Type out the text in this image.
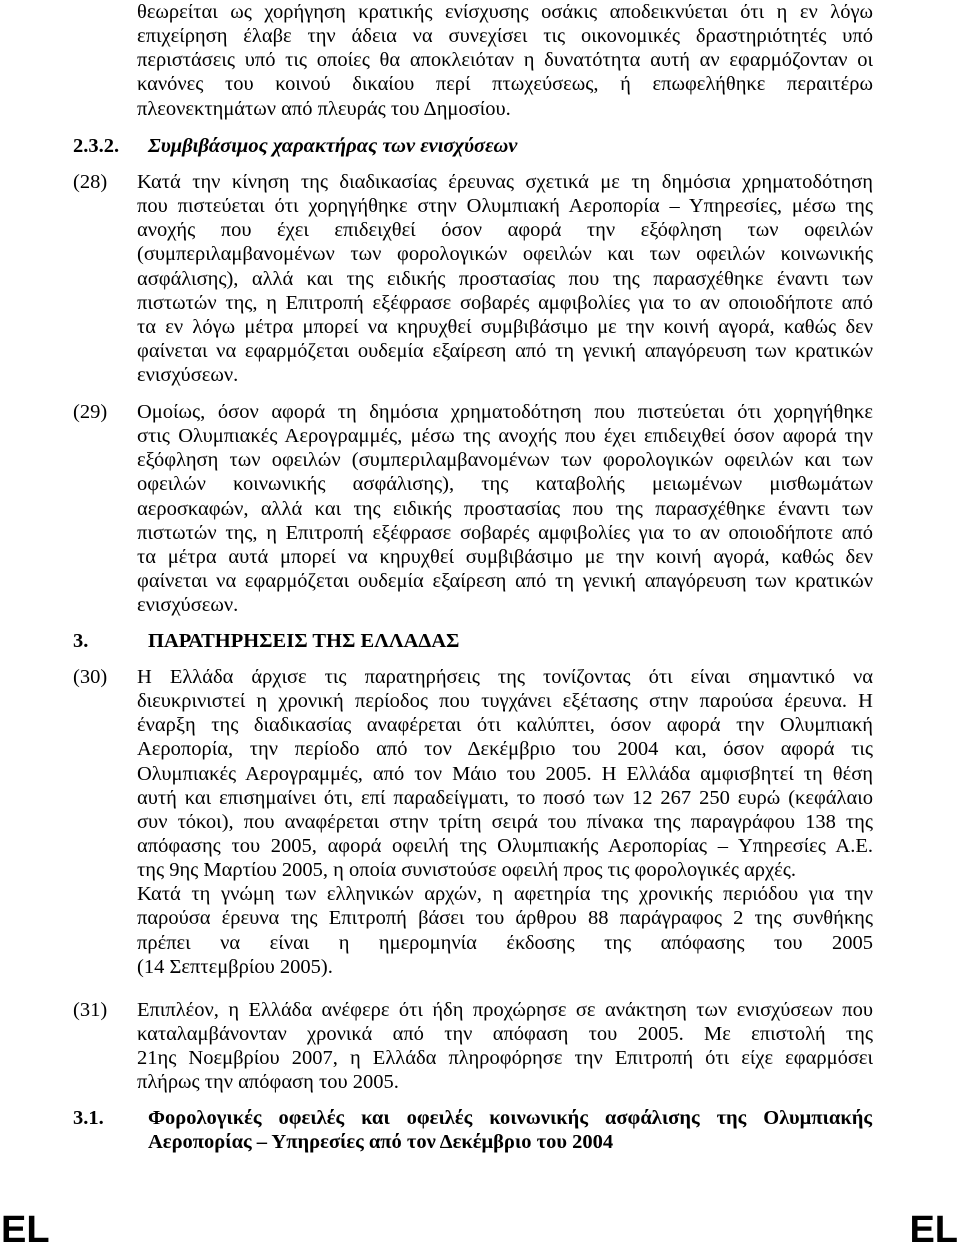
θεωρείται ως χορήγηση κρατικής ενίσχυσης οσάκις αποδεικνύεται ότι η εν λόγω
επιχείρηση έλαβε την άδεια να συνεχίσει τις οικονομικές δραστηριότητές υπό
περιστάσεις υπό τις οποίες θα αποκλειόταν η δυνατότητα αυτή αν εφαρμόζονταν οι
κανόνες του κοινού δικαίου περί πτωχεύσεως, ή επωφελήθηκε περαιτέρω
πλεονεκτημάτων από πλευράς του Δημοσίου.
2.3.2. Συμβιβάσιμος χαρακτήρας των ενισχύσεων
(28) Κατά την κίνηση της διαδικασίας έρευνας σχετικά με τη δημόσια χρηματοδότηση
που πιστεύεται ότι χορηγήθηκε στην Ολυμπιακή Αεροπορία – Υπηρεσίες, μέσω της
ανοχής που έχει επιδειχθεί όσον αφορά την εξόφληση των οφειλών
(συμπεριλαμβανομένων των φορολογικών οφειλών και των οφειλών κοινωνικής
ασφάλισης), αλλά και της ειδικής προστασίας που της παρασχέθηκε έναντι των
πιστωτών της, η Επιτροπή εξέφρασε σοβαρές αμφιβολίες για το αν οποιοδήποτε από
τα εν λόγω μέτρα μπορεί να κηρυχθεί συμβιβάσιμο με την κοινή αγορά, καθώς δεν
φαίνεται να εφαρμόζεται ουδεμία εξαίρεση από τη γενική απαγόρευση των κρατικών
ενισχύσεων.
(29) Ομοίως, όσον αφορά τη δημόσια χρηματοδότηση που πιστεύεται ότι χορηγήθηκε
στις Ολυμπιακές Αερογραμμές, μέσω της ανοχής που έχει επιδειχθεί όσον αφορά την
εξόφληση των οφειλών (συμπεριλαμβανομένων των φορολογικών οφειλών και των
οφειλών κοινωνικής ασφάλισης), της καταβολής μειωμένων μισθωμάτων
αεροσκαφών, αλλά και της ειδικής προστασίας που της παρασχέθηκε έναντι των
πιστωτών της, η Επιτροπή εξέφρασε σοβαρές αμφιβολίες για το αν οποιοδήποτε από
τα μέτρα αυτά μπορεί να κηρυχθεί συμβιβάσιμο με την κοινή αγορά, καθώς δεν
φαίνεται να εφαρμόζεται ουδεμία εξαίρεση από τη γενική απαγόρευση των κρατικών
ενισχύσεων.
3.	ΠΑΡΑΤΗΡΗΣΕΙΣ ΤΗΣ ΕΛΛΑΔΑΣ
(30) Η Ελλάδα άρχισε τις παρατηρήσεις της τονίζοντας ότι είναι σημαντικό να
διευκρινιστεί η χρονική περίοδος που τυγχάνει εξέτασης στην παρούσα έρευνα. Η
έναρξη της διαδικασίας αναφέρεται ότι καλύπτει, όσον αφορά την Ολυμπιακή
Αεροπορία, την περίοδο από τον Δεκέμβριο του 2004 και, όσον αφορά τις
Ολυμπιακές Αερογραμμές, από τον Μάιο του 2005. Η Ελλάδα αμφισβητεί τη θέση
αυτή και επισημαίνει ότι, επί παραδείγματι, το ποσό των 12 267 250 ευρώ (κεφάλαιο
συν τόκοι), που αναφέρεται στην τρίτη σειρά του πίνακα της παραγράφου 138 της
απόφασης του 2005, αφορά οφειλή της Ολυμπιακής Αεροπορίας – Υπηρεσίες Α.Ε.
της 9ης Μαρτίου 2005, η οποία συνιστούσε οφειλή προς τις φορολογικές αρχές.
Κατά τη γνώμη των ελληνικών αρχών, η αφετηρία της χρονικής περιόδου για την
παρούσα έρευνα της Επιτροπή βάσει του άρθρου 88 παράγραφος 2 της συνθήκης
πρέπει να είναι η ημερομηνία έκδοσης της απόφασης του 2005
(14 Σεπτεμβρίου 2005).
(31) Επιπλέον, η Ελλάδα ανέφερε ότι ήδη προχώρησε σε ανάκτηση των ενισχύσεων που
καταλαμβάνονταν χρονικά από την απόφαση του 2005. Με επιστολή της
21ης Νοεμβρίου 2007, η Ελλάδα πληροφόρησε την Επιτροπή ότι είχε εφαρμόσει
πλήρως την απόφαση του 2005.
3.1. Φορολογικές οφειλές και οφειλές κοινωνικής ασφάλισης της Ολυμπιακής
Αεροπορίας – Υπηρεσίες από τον Δεκέμβριο του 2004
EL	EL
